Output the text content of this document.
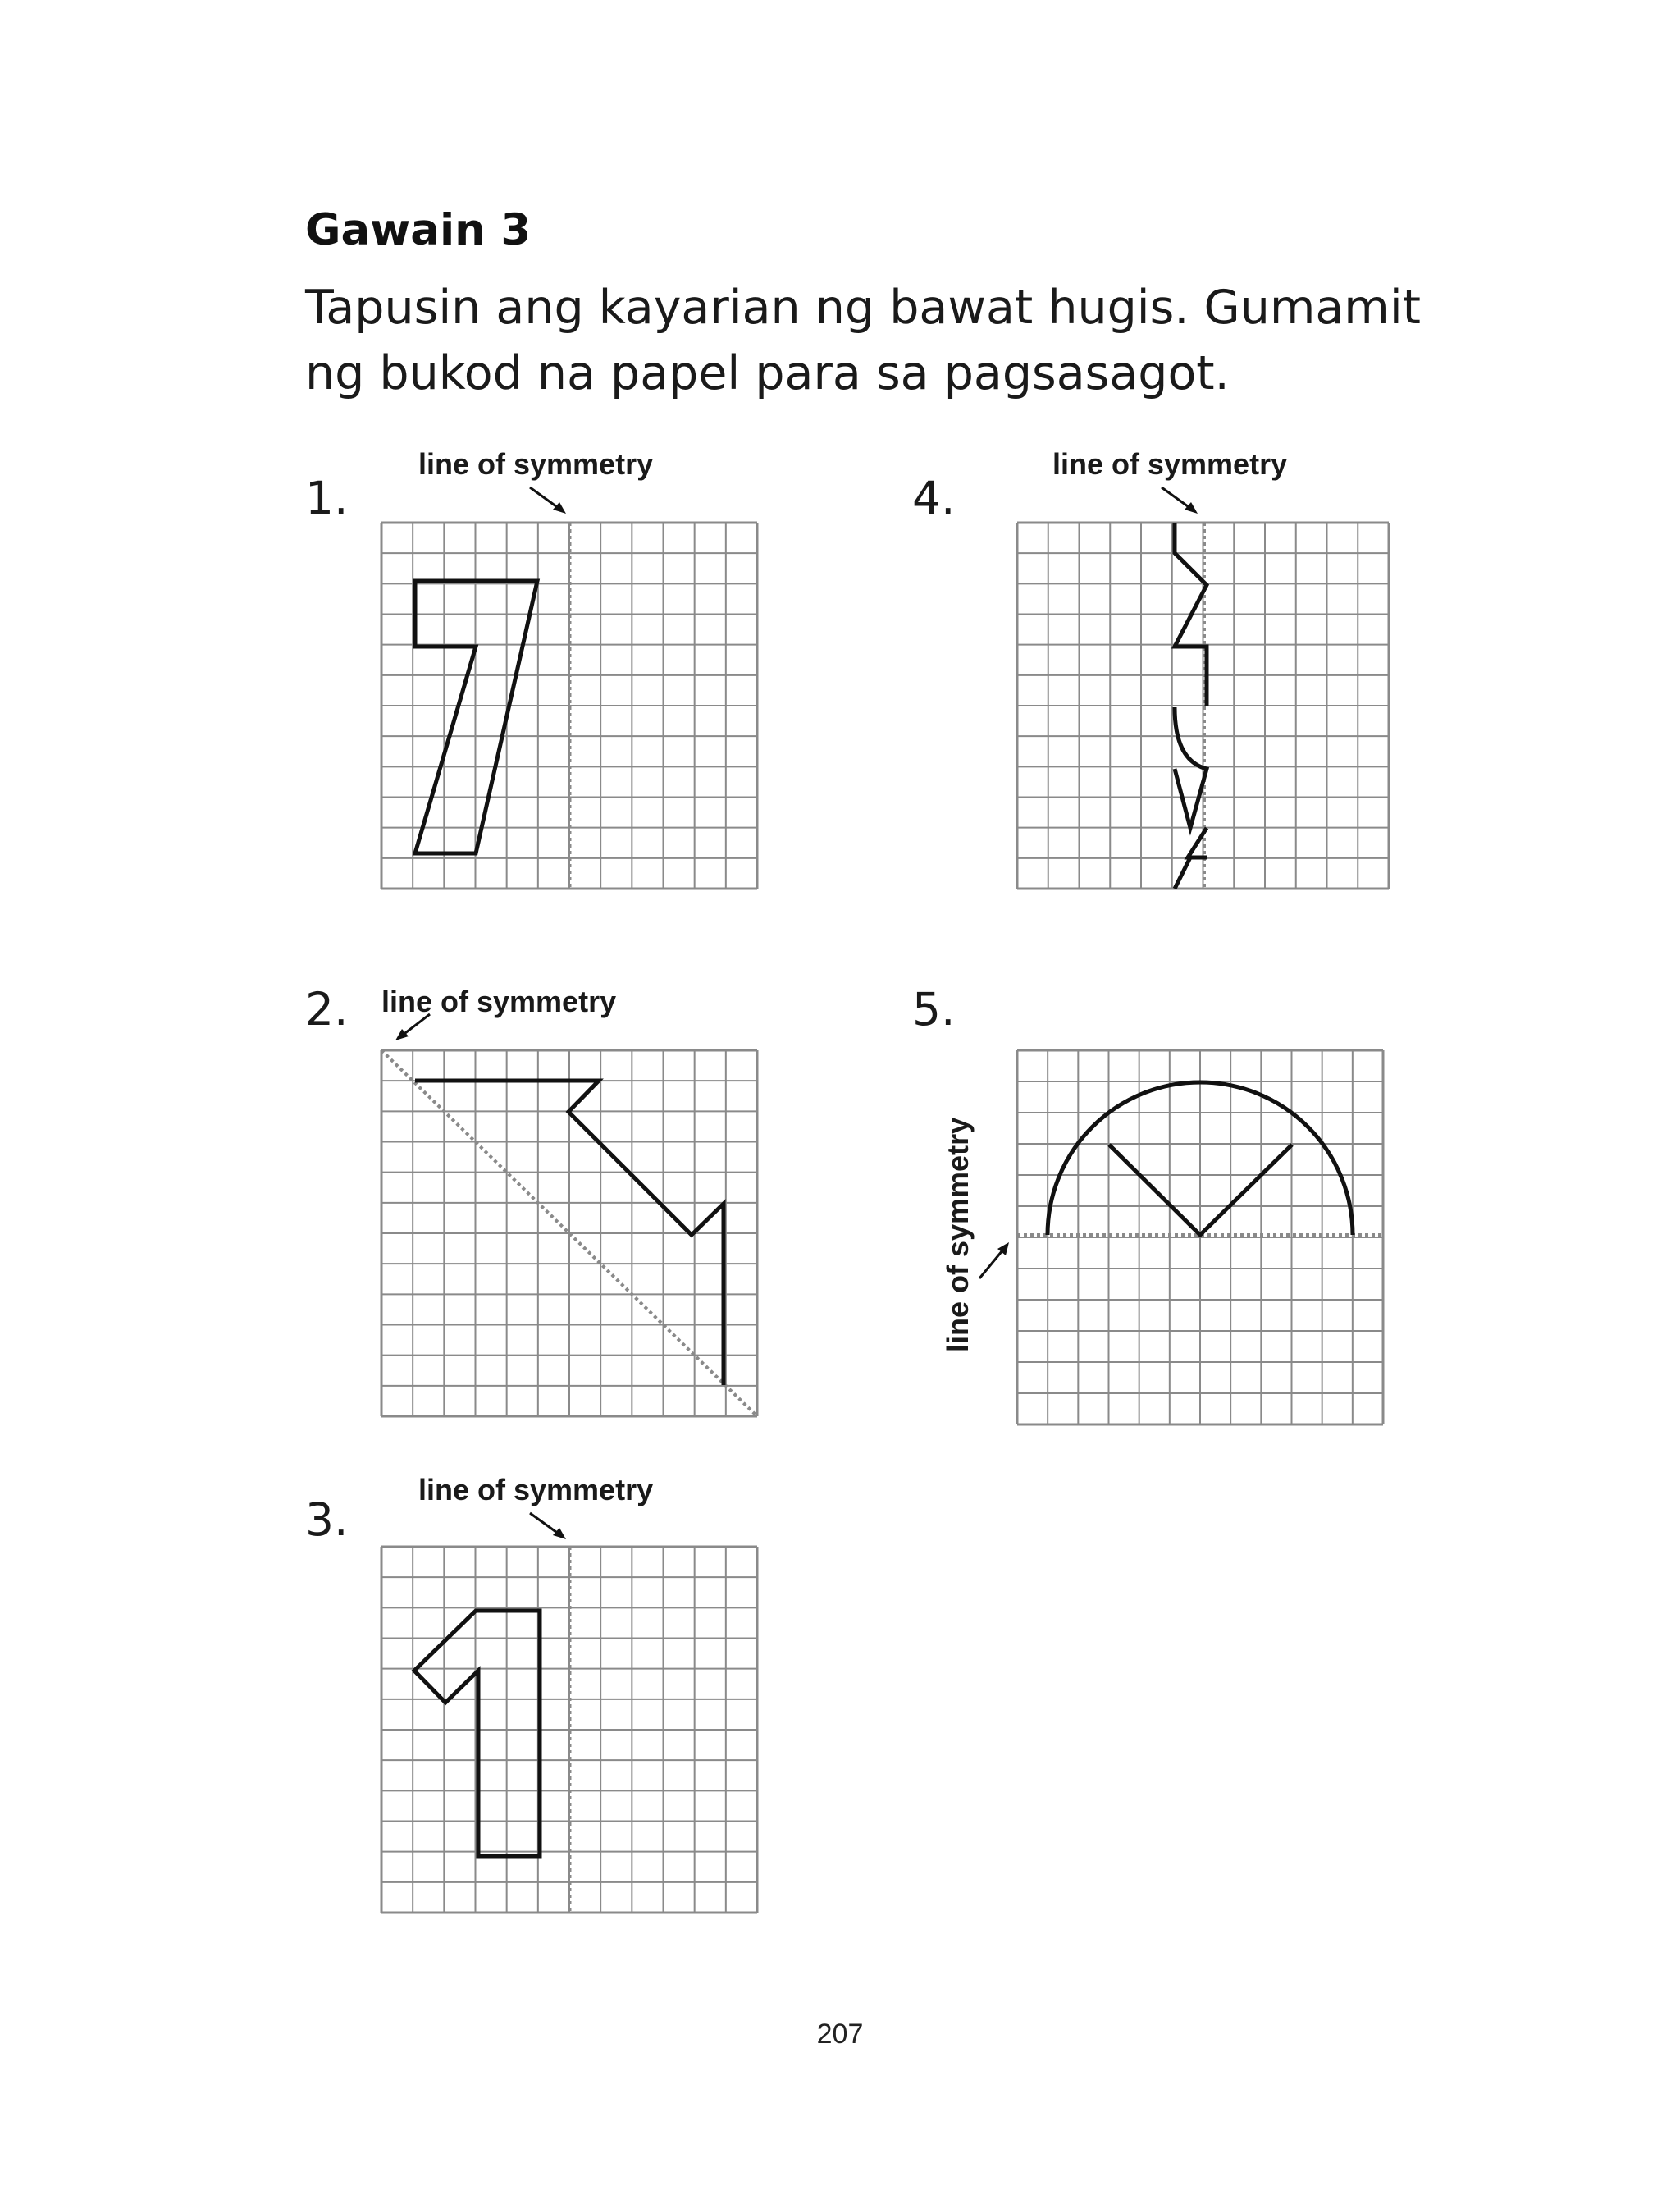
Gawain 3

Tapusin ang kayarian ng bawat hugis. Gumamit ng bukod na papel para sa pagsasagot.

1.
line of symmetry
2. line of symmetry
3.
line of symmetry
4.
line of symmetry
5.
line of symmetry
207
